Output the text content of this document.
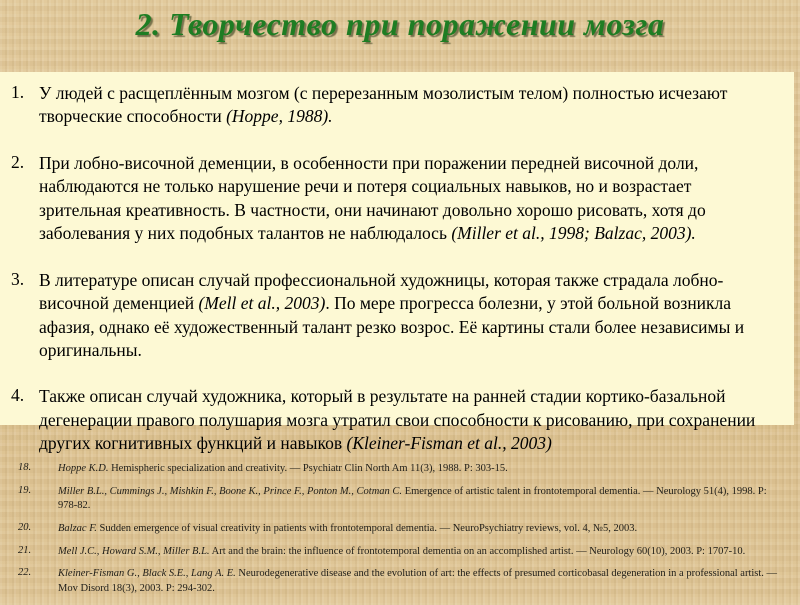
2. Творчество при поражении мозга
1. У людей с расщеплённым мозгом (с перерезанным мозолистым телом) полностью исчезают творческие способности (Hoppe, 1988).
2. При лобно-височной деменции, в особенности при поражении передней височной доли, наблюдаются не только нарушение речи и потеря социальных навыков, но и возрастает зрительная креативность. В частности, они начинают довольно хорошо рисовать, хотя до заболевания у них подобных талантов не наблюдалось (Miller et al., 1998; Balzac, 2003).
3. В литературе описан случай профессиональной художницы, которая также страдала лобно-височной деменцией (Mell et al., 2003). По мере прогресса болезни, у этой больной возникла афазия, однако её художественный талант резко возрос. Её картины стали более независимы и оригинальны.
4. Также описан случай художника, который в результате на ранней стадии кортико-базальной дегенерации правого полушария мозга утратил свои способности к рисованию, при сохранении других когнитивных функций и навыков (Kleiner-Fisman et al., 2003)
18.	Hoppe K.D. Hemispheric specialization and creativity. — Psychiatr Clin North Am 11(3), 1988. P: 303-15.
19.	Miller B.L., Cummings J., Mishkin F., Boone K., Prince F., Ponton M., Cotman C. Emergence of artistic talent in frontotemporal dementia. — Neurology 51(4), 1998. P: 978-82.
20.	Balzac F. Sudden emergence of visual creativity in patients with frontotemporal dementia. — NeuroPsychiatry reviews, vol. 4, №5, 2003.
21.	Mell J.C., Howard S.M., Miller B.L. Art and the brain: the influence of frontotemporal dementia on an accomplished artist. — Neurology 60(10), 2003. P: 1707-10.
22.	Kleiner-Fisman G., Black S.E., Lang A. E. Neurodegenerative disease and the evolution of art: the effects of presumed corticobasal degeneration in a professional artist. — Mov Disord 18(3), 2003. P: 294-302.
